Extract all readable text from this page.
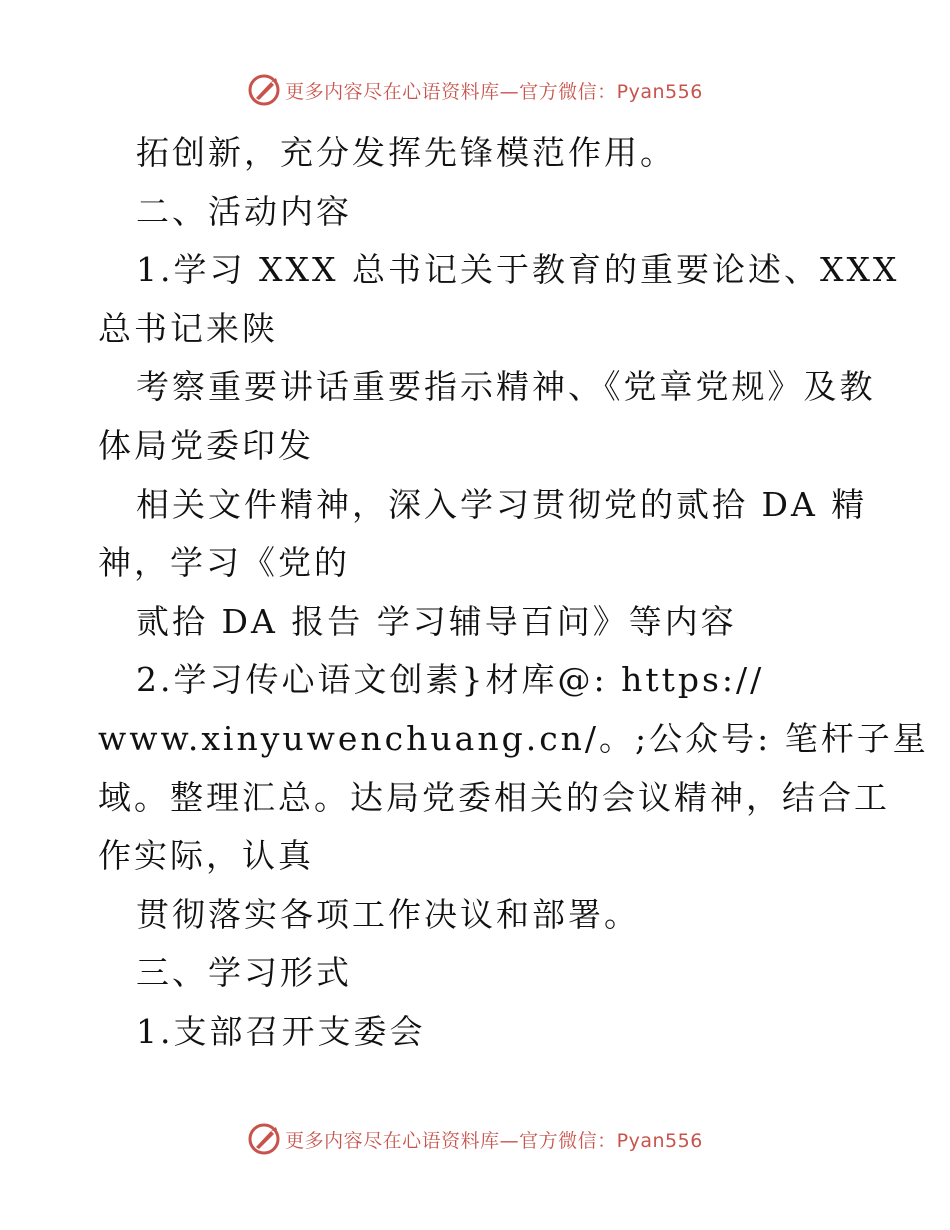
更多内容尽在心语资料库—官方微信：Pyan556
拓创新，充分发挥先锋模范作用。
二、活动内容
1.学习 XXX 总书记关于教育的重要论述、XXX
总书记来陕
考察重要讲话重要指示精神、《党章党规》及教
体局党委印发
相关文件精神，深入学习贯彻党的贰拾 DA 精
神，学习《党的
贰拾 DA 报告 学习辅导百问》等内容
2.学习传心语文创素}材库@: https://
www.xinyuwenchuang.cn/。;公众号: 笔杆子星
域。整理汇总。达局党委相关的会议精神，结合工
作实际，认真
贯彻落实各项工作决议和部署。
三、学习形式
1.支部召开支委会
更多内容尽在心语资料库—官方微信：Pyan556
